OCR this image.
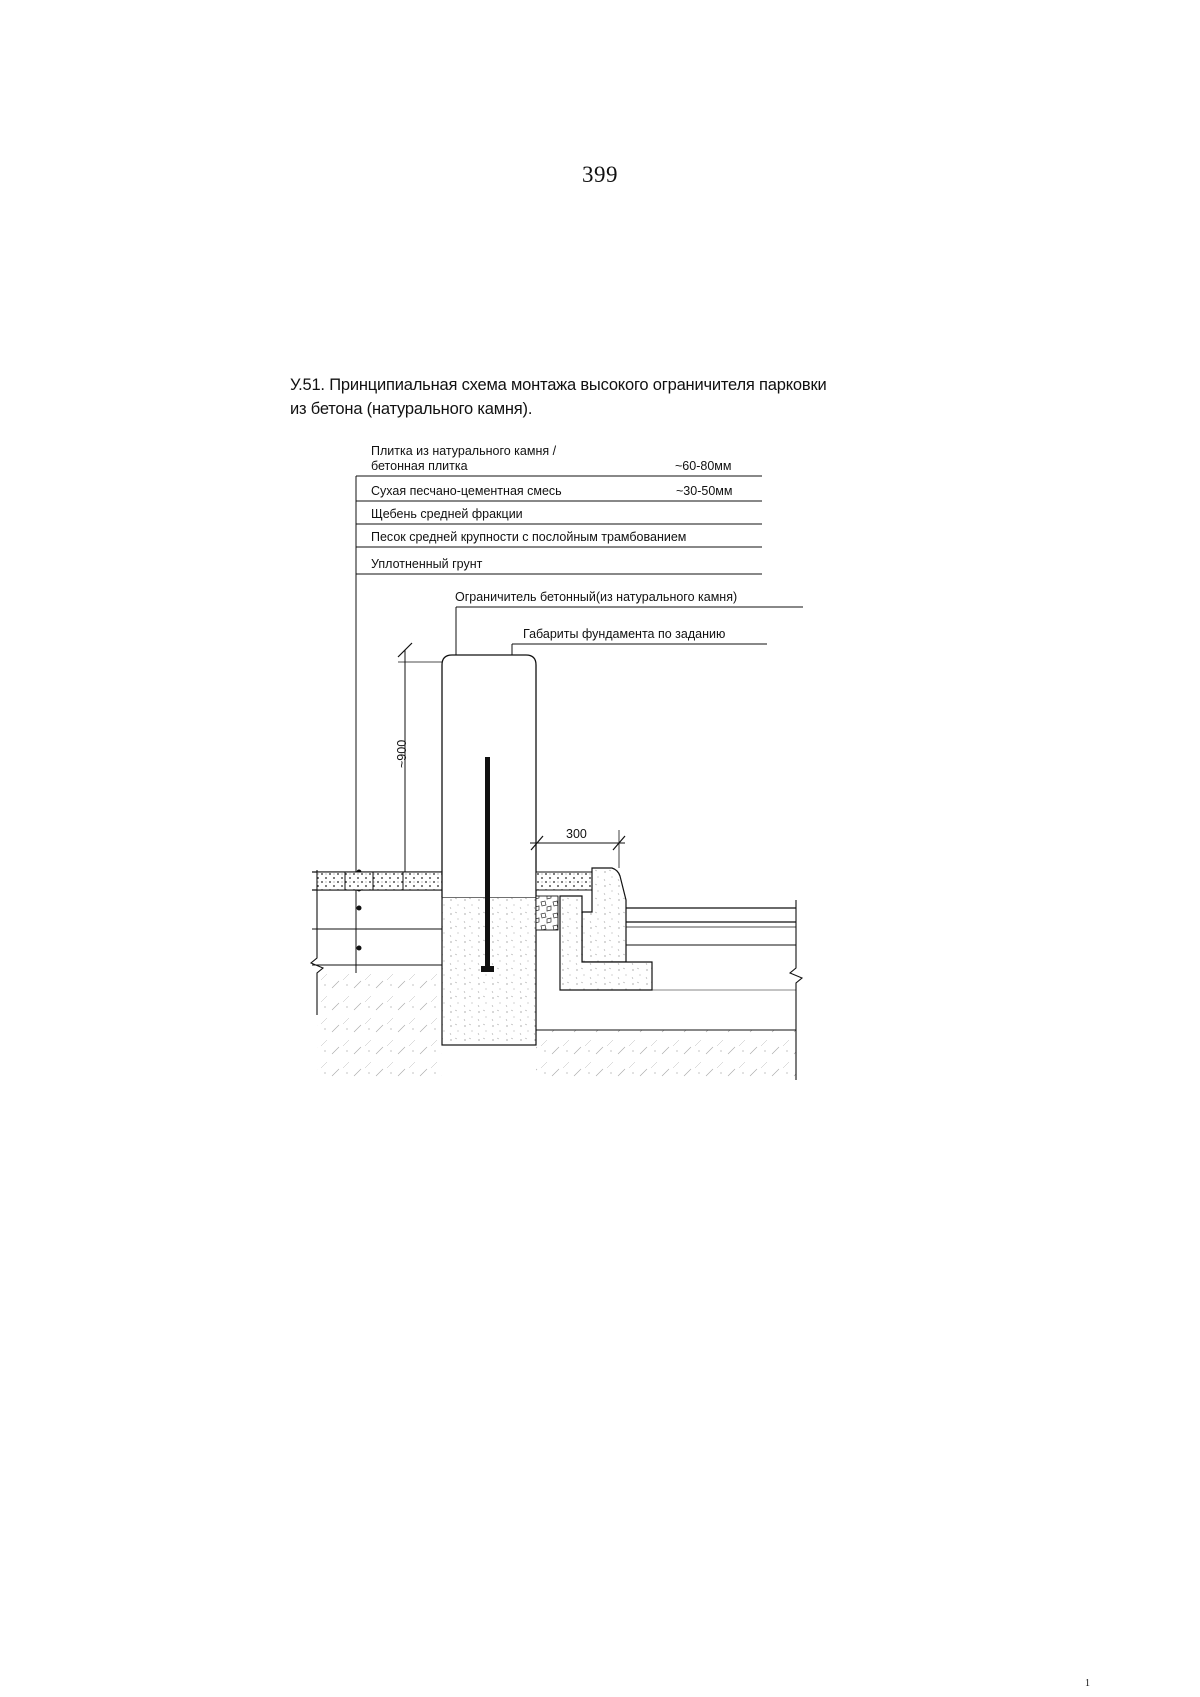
399
У.51. Принципиальная схема монтажа высокого ограничителя парковки
из бетона (натурального камня).
Плитка из натурального камня /
бетонная плитка	~60-80мм
Сухая песчано-цементная смесь	~30-50мм
Щебень средней фракции
Песок средней крупности с послойным трамбованием
Уплотненный грунт
Ограничитель бетонный(из натурального камня)
Габариты фундамента по заданию
~900
300
1
